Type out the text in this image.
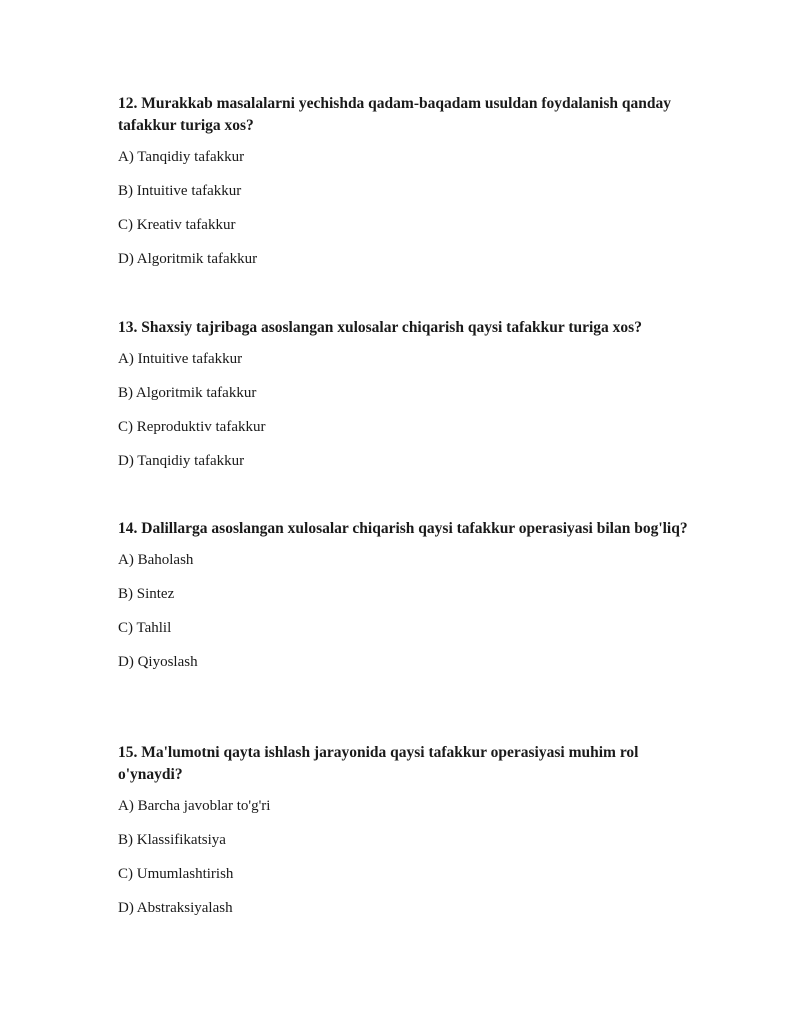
12. Murakkab masalalarni yechishda qadam-baqadam usuldan foydalanish qanday tafakkur turiga xos?

A) Tanqidiy tafakkur

B) Intuitive tafakkur

C) Kreativ tafakkur

D) Algoritmik tafakkur

13. Shaxsiy tajribaga asoslangan xulosalar chiqarish qaysi tafakkur turiga xos?

A) Intuitive tafakkur

B) Algoritmik tafakkur

C) Reproduktiv tafakkur

D) Tanqidiy tafakkur

14. Dalillarga asoslangan xulosalar chiqarish qaysi tafakkur operasiyasi bilan bog'liq?

A) Baholash

B) Sintez

C) Tahlil

D) Qiyoslash

15. Ma'lumotni qayta ishlash jarayonida qaysi tafakkur operasiyasi muhim rol o'ynaydi?

A) Barcha javoblar to'g'ri

B) Klassifikatsiya

C) Umumlashtirish

D) Abstraksiyalash
